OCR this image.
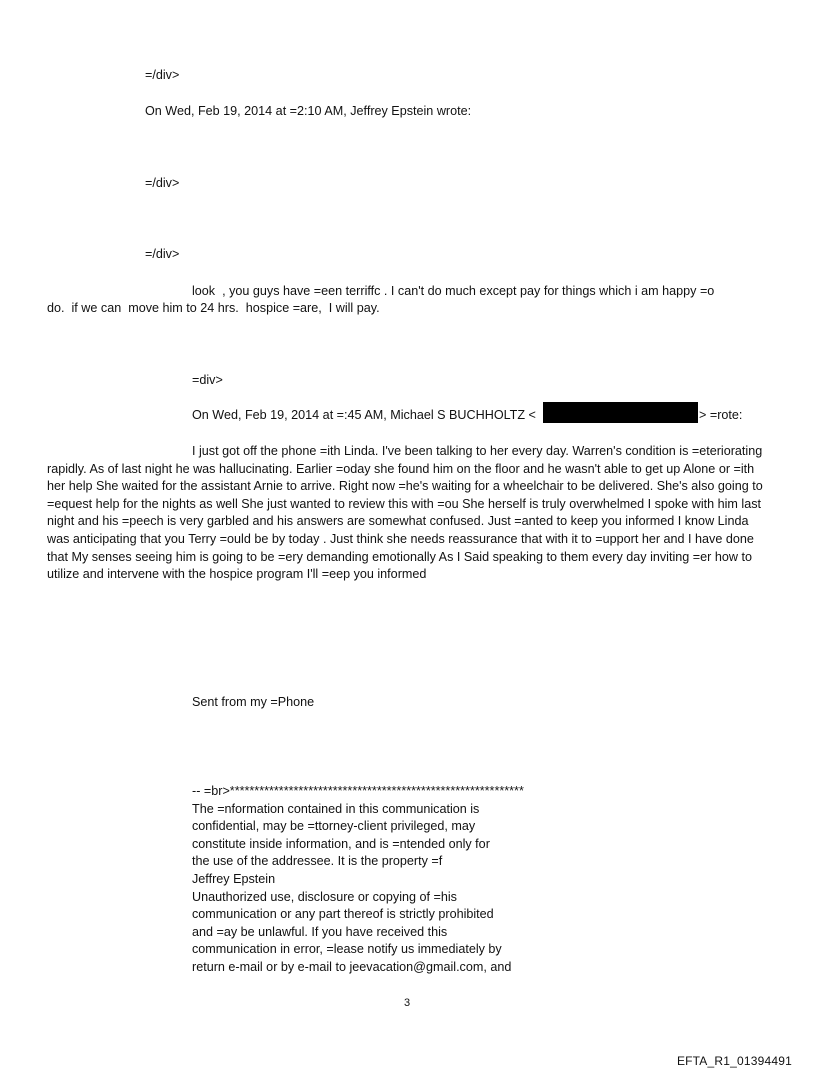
=/div>
On Wed, Feb 19, 2014 at =2:10 AM, Jeffrey Epstein wrote:
=/div>
=/div>
look  , you guys have =een terriffc . I can't do much except pay for things which i am happy =o
do.  if we can  move him to 24 hrs.  hospice =are,  I will pay.
=div>
On Wed, Feb 19, 2014 at =:45 AM, Michael S BUCHHOLTZ <	> =rote:
I just got off the phone =ith Linda. I've been talking to her every day. Warren's condition is =eteriorating rapidly. As of last night he was hallucinating. Earlier =oday she found him on the floor and he wasn't able to get up Alone or =ith her help She waited for the assistant Arnie to arrive. Right now =he's waiting for a wheelchair to be delivered. She's also going to =equest help for the nights as well She just wanted to review this with =ou She herself is truly overwhelmed I spoke with him last night and his =peech is very garbled and his answers are somewhat confused. Just =anted to keep you informed I know Linda was anticipating that you Terry =ould be by today . Just think she needs reassurance that with it to =upport her and I have done that My senses seeing him is going to be =ery demanding emotionally As I Said speaking to them every day inviting =er how to utilize and intervene with the hospice program I'll =eep you informed
Sent from my =Phone
-- =br>************************************************************
The =nformation contained in this communication is
confidential, may be =ttorney-client privileged, may
constitute inside information, and is =ntended only for
the use of the addressee. It is the property =f
Jeffrey Epstein
Unauthorized use, disclosure or copying of =his
communication or any part thereof is strictly prohibited
and =ay be unlawful. If you have received this
communication in error, =lease notify us immediately by
return e-mail or by e-mail to jeevacation@gmail.com, and
3
EFTA_R1_01394491
